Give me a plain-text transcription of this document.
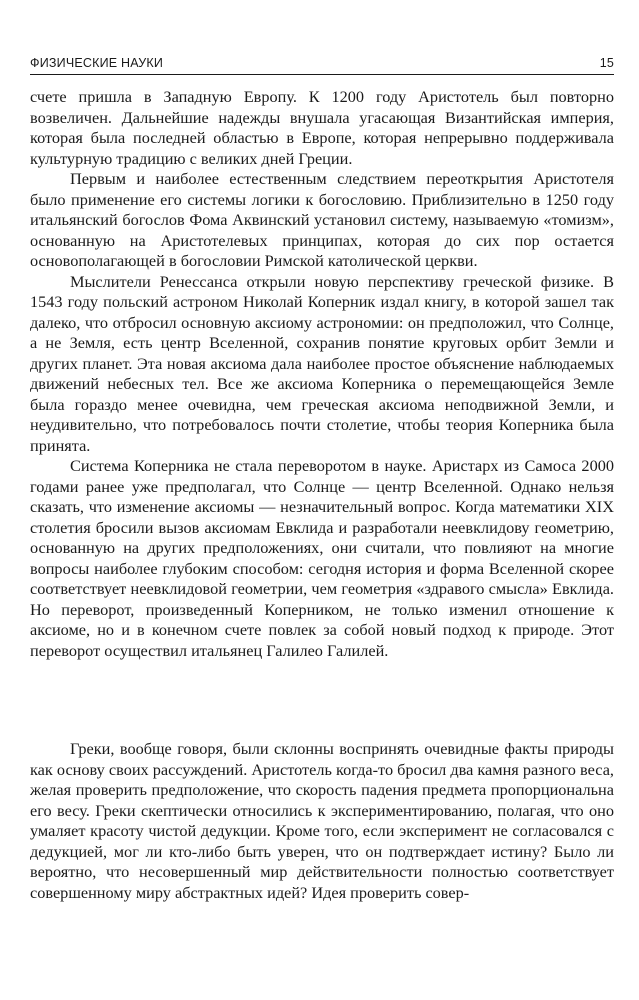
ФИЗИЧЕСКИЕ НАУКИ	15

счете пришла в Западную Европу. К 1200 году Аристотель был повторно возвеличен. Дальнейшие надежды внушала угасающая Византийская империя, которая была последней областью в Европе, которая непрерывно поддерживала культурную традицию с великих дней Греции.

Первым и наиболее естественным следствием переоткрытия Аристотеля было применение его системы логики к богословию. Приблизительно в 1250 году итальянский богослов Фома Аквинский установил систему, называемую «томизм», основанную на Аристотелевых принципах, которая до сих пор остается основополагающей в богословии Римской католической церкви.

Мыслители Ренессанса открыли новую перспективу греческой физике. В 1543 году польский астроном Николай Коперник издал книгу, в которой зашел так далеко, что отбросил основную аксиому астрономии: он предположил, что Солнце, а не Земля, есть центр Вселенной, сохранив понятие круговых орбит Земли и других планет. Эта новая аксиома дала наиболее простое объяснение наблюдаемых движений небесных тел. Все же аксиома Коперника о перемещающейся Земле была гораздо менее очевидна, чем греческая аксиома неподвижной Земли, и неудивительно, что потребовалось почти столетие, чтобы теория Коперника была принята.

Система Коперника не стала переворотом в науке. Аристарх из Самоса 2000 годами ранее уже предполагал, что Солнце — центр Вселенной. Однако нельзя сказать, что изменение аксиомы — незначительный вопрос. Когда математики XIX столетия бросили вызов аксиомам Евклида и разработали неевклидову геометрию, основанную на других предположениях, они считали, что повлияют на многие вопросы наиболее глубоким способом: сегодня история и форма Вселенной скорее соответствует неевклидовой геометрии, чем геометрия «здравого смысла» Евклида. Но переворот, произведенный Коперником, не только изменил отношение к аксиоме, но и в конечном счете повлек за собой новый подход к природе. Этот переворот осуществил итальянец Галилео Галилей.

Греки, вообще говоря, были склонны воспринять очевидные факты природы как основу своих рассуждений. Аристотель когда-то бросил два камня разного веса, желая проверить предположение, что скорость падения предмета пропорциональна его весу. Греки скептически относились к экспериментированию, полагая, что оно умаляет красоту чистой дедукции. Кроме того, если эксперимент не согласовался с дедукцией, мог ли кто-либо быть уверен, что он подтверждает истину? Было ли вероятно, что несовершенный мир действительности полностью соответствует совершенному миру абстрактных идей? Идея проверить совер-
